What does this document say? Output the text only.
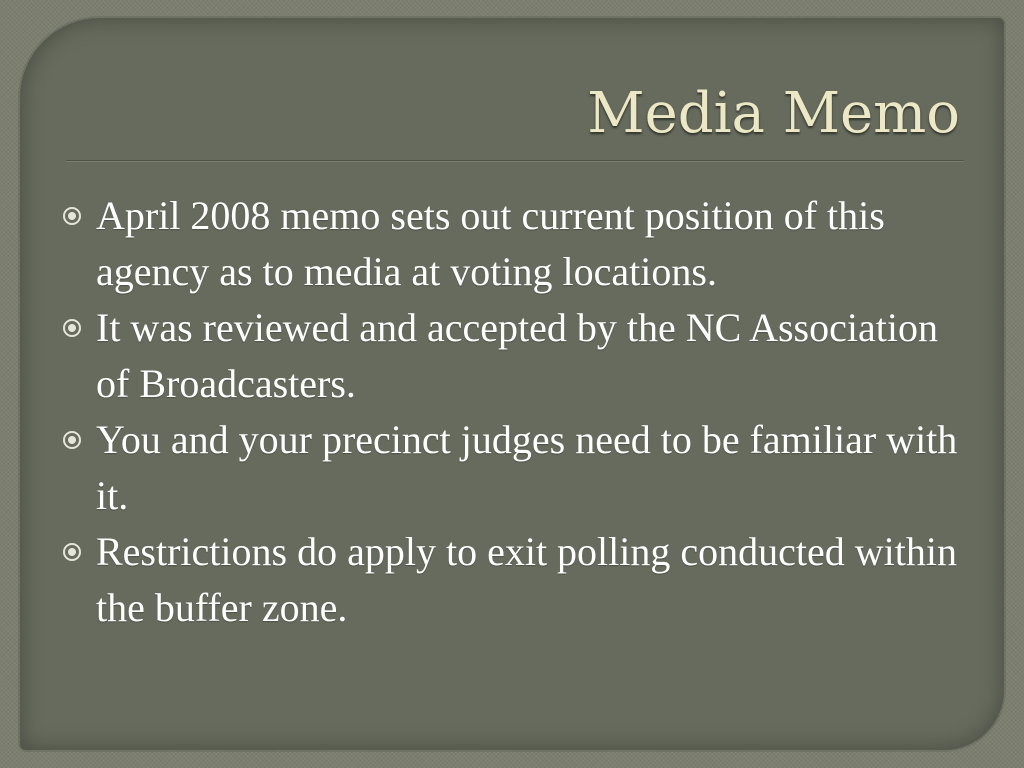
Media Memo
April 2008 memo sets out current position of this agency as to media at voting locations.
It was reviewed and accepted by the NC Association of Broadcasters.
You and your precinct judges need to be familiar with it.
Restrictions do apply to exit polling conducted within the buffer zone.
